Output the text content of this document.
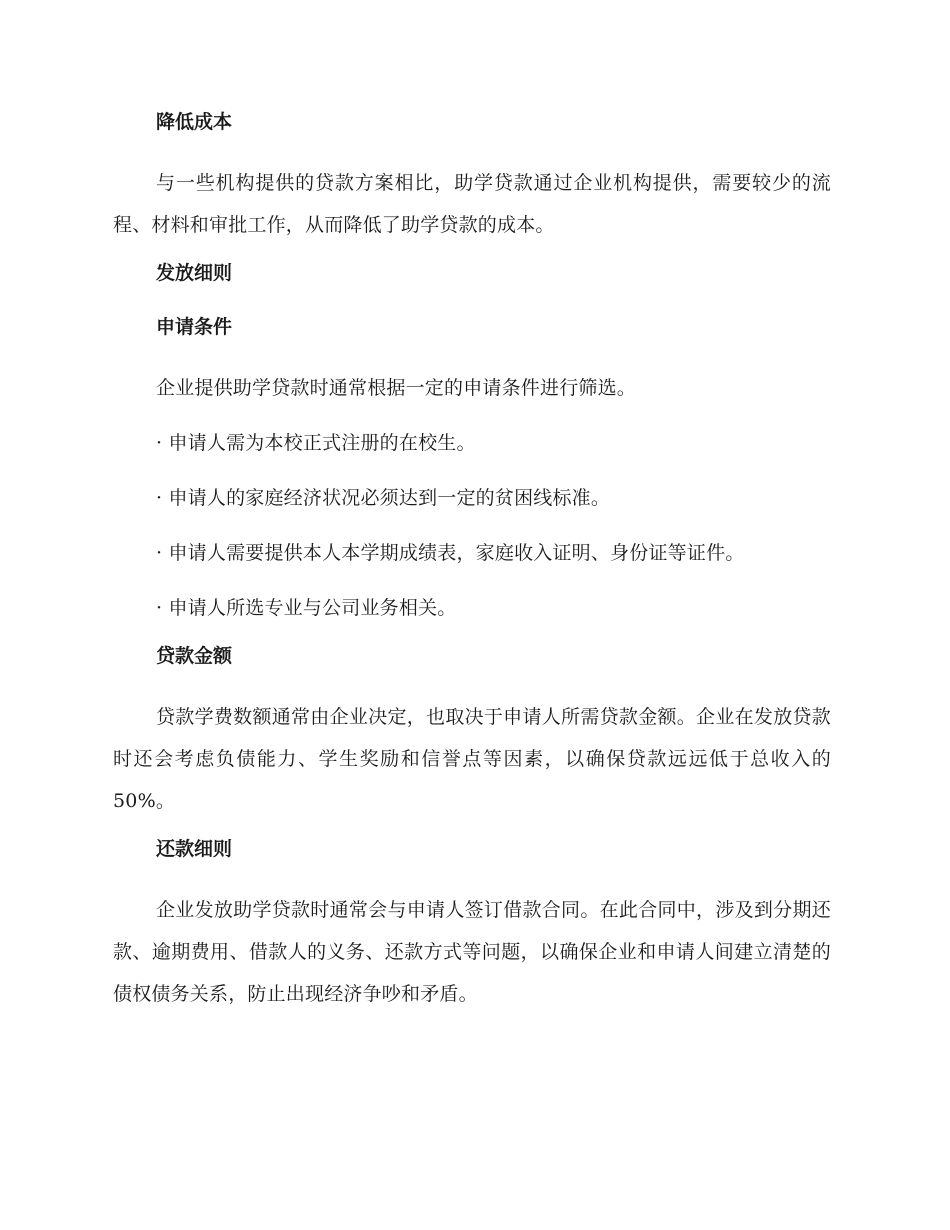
降低成本

与一些机构提供的贷款方案相比，助学贷款通过企业机构提供，需要较少的流程、材料和审批工作，从而降低了助学贷款的成本。

发放细则
申请条件

企业提供助学贷款时通常根据一定的申请条件进行筛选。

· 申请人需为本校正式注册的在校生。
· 申请人的家庭经济状况必须达到一定的贫困线标准。
· 申请人需要提供本人本学期成绩表，家庭收入证明、身份证等证件。
· 申请人所选专业与公司业务相关。
贷款金额

贷款学费数额通常由企业决定，也取决于申请人所需贷款金额。企业在发放贷款时还会考虑负债能力、学生奖励和信誉点等因素，以确保贷款远远低于总收入的 50%。

还款细则

企业发放助学贷款时通常会与申请人签订借款合同。在此合同中，涉及到分期还款、逾期费用、借款人的义务、还款方式等问题，以确保企业和申请人间建立清楚的债权债务关系，防止出现经济争吵和矛盾。
